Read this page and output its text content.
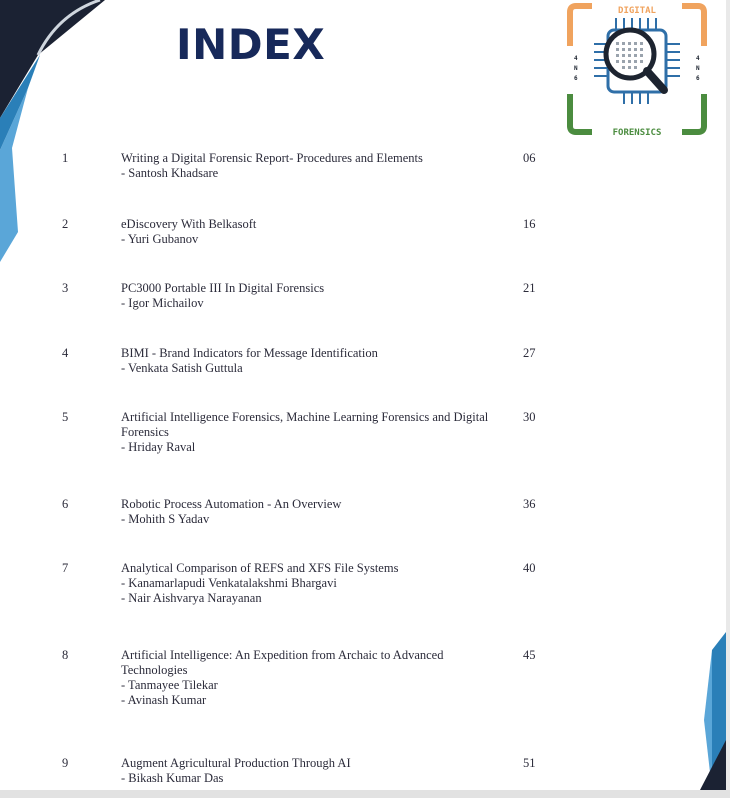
INDEX
DIGITAL
FORENSICS
4
N
6
4
N
6
1	Writing a Digital Forensic Report- Procedures and Elements
- Santosh Khadsare
06
2	eDiscovery With Belkasoft
- Yuri Gubanov
16
3	PC3000 Portable III In Digital Forensics
- Igor Michailov
21
4	BIMI - Brand Indicators for Message Identification
- Venkata Satish Guttula
27
5	Artificial Intelligence Forensics, Machine Learning Forensics and Digital
Forensics
- Hriday Raval
30
6	Robotic Process Automation - An Overview
- Mohith S Yadav
36
7	Analytical Comparison of REFS and XFS File Systems
- Kanamarlapudi Venkatalakshmi Bhargavi
- Nair Aishvarya Narayanan
40
8	Artificial Intelligence: An Expedition from Archaic to Advanced
Technologies
- Tanmayee Tilekar
- Avinash Kumar
45
9	Augment Agricultural Production Through AI
- Bikash Kumar Das
51
